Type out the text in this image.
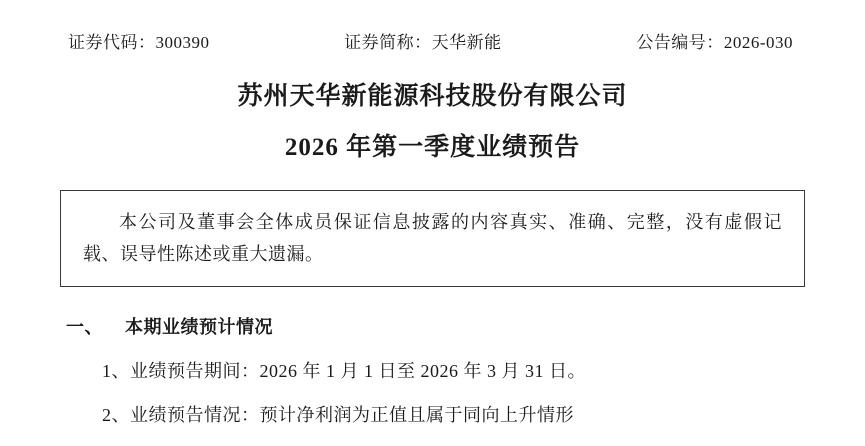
证券代码：300390	证券简称：天华新能	公告编号：2026-030
苏州天华新能源科技股份有限公司
2026 年第一季度业绩预告

本公司及董事会全体成员保证信息披露的内容真实、准确、完整，没有虚假记载、误导性陈述或重大遗漏。

一、 本期业绩预计情况
1、业绩预告期间：2026 年 1 月 1 日至 2026 年 3 月 31 日。
2、业绩预告情况：预计净利润为正值且属于同向上升情形
